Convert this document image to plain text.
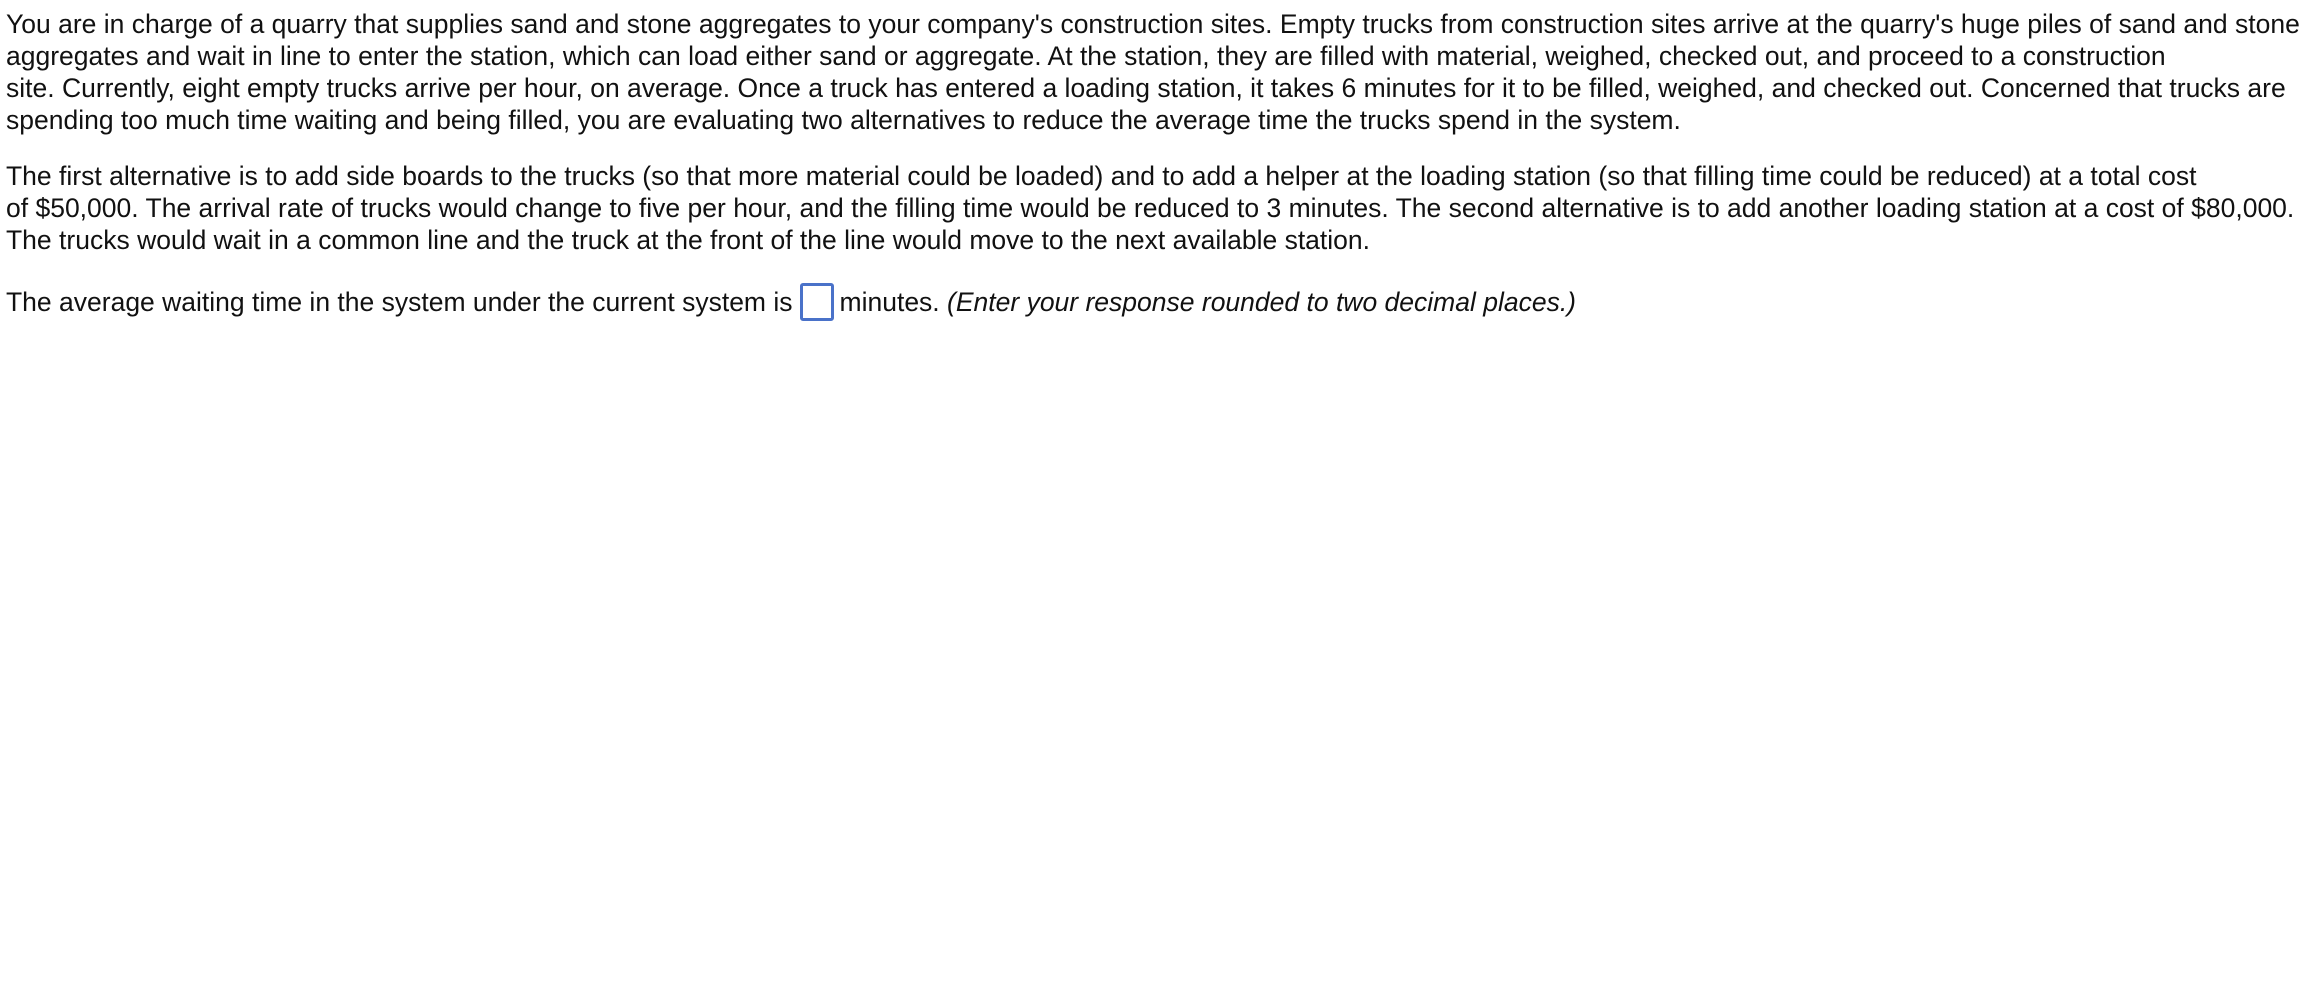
You are in charge of a quarry that supplies sand and stone aggregates to your company's construction sites. Empty trucks from construction sites arrive at the quarry's huge piles of sand and stone
aggregates and wait in line to enter the station, which can load either sand or aggregate. At the station, they are filled with material, weighed, checked out, and proceed to a construction
site. Currently, eight empty trucks arrive per hour, on average. Once a truck has entered a loading station, it takes 6 minutes for it to be filled, weighed, and checked out. Concerned that trucks are
spending too much time waiting and being filled, you are evaluating two alternatives to reduce the average time the trucks spend in the system.

The first alternative is to add side boards to the trucks (so that more material could be loaded) and to add a helper at the loading station (so that filling time could be reduced) at a total cost
of $50,000. The arrival rate of trucks would change to five per hour, and the filling time would be reduced to 3 minutes. The second alternative is to add another loading station at a cost of $80,000.
The trucks would wait in a common line and the truck at the front of the line would move to the next available station.

The average waiting time in the system under the current system is minutes. (Enter your response rounded to two decimal places.)
